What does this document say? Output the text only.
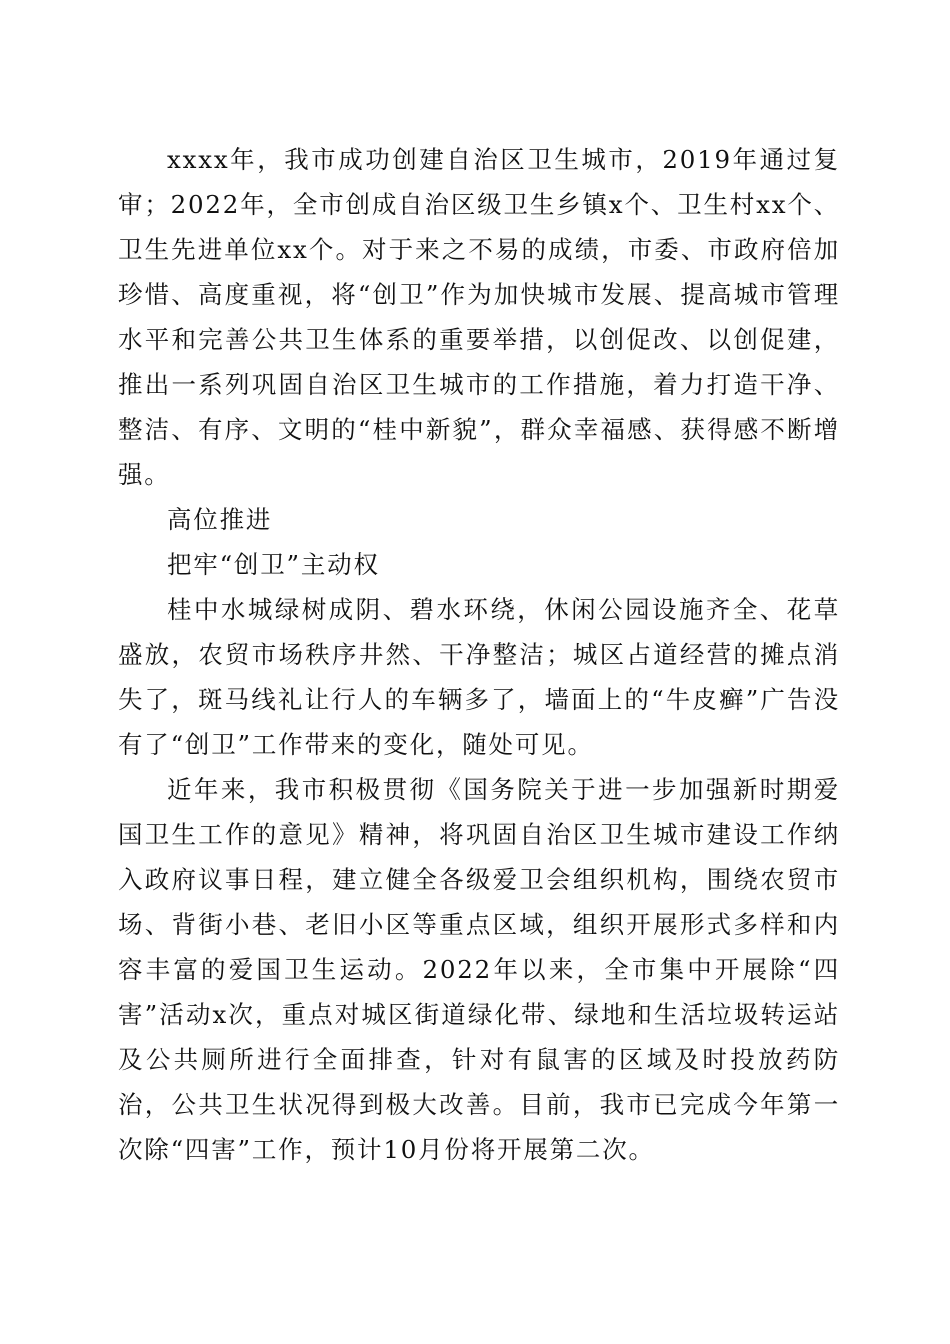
xxxx年，我市成功创建自治区卫生城市，2019年通过复审；2022年，全市创成自治区级卫生乡镇x个、卫生村xx个、卫生先进单位xx个。对于来之不易的成绩，市委、市政府倍加珍惜、高度重视，将“创卫”作为加快城市发展、提高城市管理水平和完善公共卫生体系的重要举措，以创促改、以创促建，推出一系列巩固自治区卫生城市的工作措施，着力打造干净、整洁、有序、文明的“桂中新貌”，群众幸福感、获得感不断增强。

高位推进

把牢“创卫”主动权

桂中水城绿树成阴、碧水环绕，休闲公园设施齐全、花草盛放，农贸市场秩序井然、干净整洁；城区占道经营的摊点消失了，斑马线礼让行人的车辆多了，墙面上的“牛皮癣”广告没有了“创卫”工作带来的变化，随处可见。

近年来，我市积极贯彻《国务院关于进一步加强新时期爱国卫生工作的意见》精神，将巩固自治区卫生城市建设工作纳入政府议事日程，建立健全各级爱卫会组织机构，围绕农贸市场、背街小巷、老旧小区等重点区域，组织开展形式多样和内容丰富的爱国卫生运动。2022年以来，全市集中开展除“四害”活动x次，重点对城区街道绿化带、绿地和生活垃圾转运站及公共厕所进行全面排查，针对有鼠害的区域及时投放药防治，公共卫生状况得到极大改善。目前，我市已完成今年第一次除“四害”工作，预计10月份将开展第二次。
